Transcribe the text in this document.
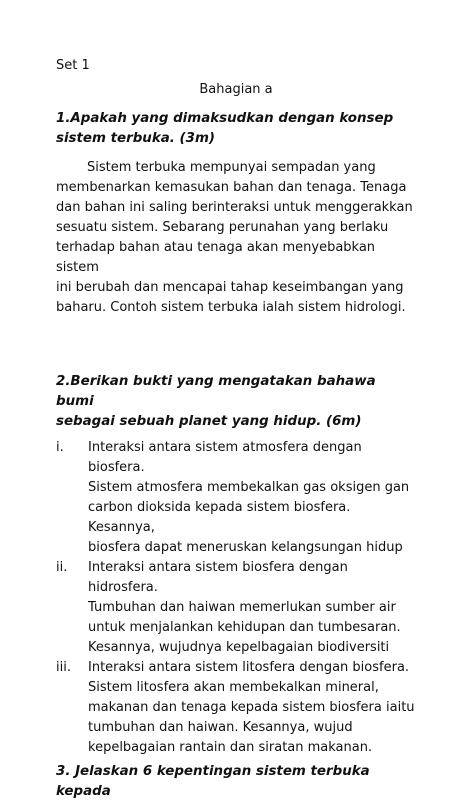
Set 1

Bahagian a

1.Apakah yang dimaksudkan dengan konsep
sistem terbuka. (3m)
Sistem terbuka mempunyai sempadan yang
membenarkan kemasukan bahan dan tenaga. Tenaga
dan bahan ini saling berinteraksi untuk menggerakkan
sesuatu sistem. Sebarang perunahan yang berlaku
terhadap bahan atau tenaga akan menyebabkan sistem
ini berubah dan mencapai tahap keseimbangan yang
baharu. Contoh sistem terbuka ialah sistem hidrologi.
2.Berikan bukti yang mengatakan bahawa bumi
sebagai sebuah planet yang hidup. (6m)
i.	Interaksi antara sistem atmosfera dengan biosfera.
Sistem atmosfera membekalkan gas oksigen gan
carbon dioksida kepada sistem biosfera. Kesannya,
biosfera dapat meneruskan kelangsungan hidup
ii.	Interaksi antara sistem biosfera dengan hidrosfera.
Tumbuhan dan haiwan memerlukan sumber air
untuk menjalankan kehidupan dan tumbesaran.
Kesannya, wujudnya kepelbagaian biodiversiti
iii.	Interaksi antara sistem litosfera dengan biosfera.
Sistem litosfera akan membekalkan mineral,
makanan dan tenaga kepada sistem biosfera iaitu
tumbuhan dan haiwan. Kesannya, wujud
kepelbagaian rantain dan siratan makanan.
3. Jelaskan 6 kepentingan sistem terbuka kepada
